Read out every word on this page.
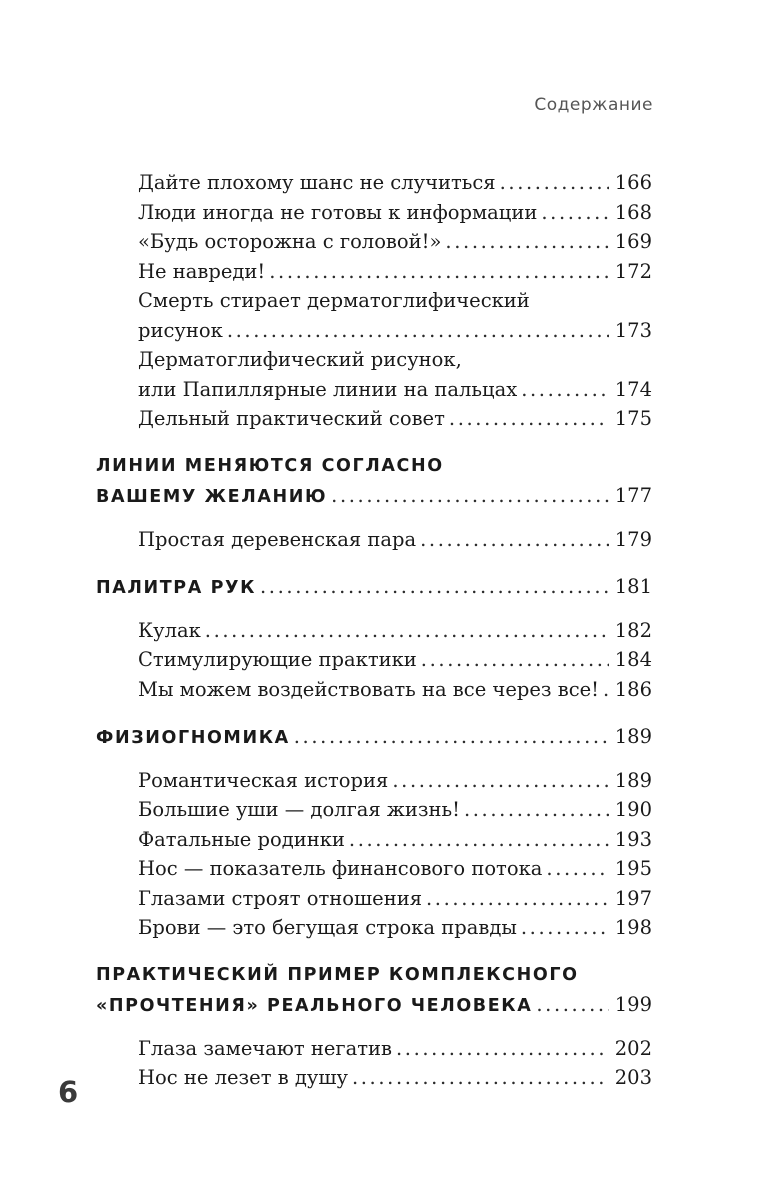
Содержание
Дайте плохому шанс не случиться .....	166
Люди иногда не готовы к информации .....	168
«Будь осторожна с головой!» .....	169
Не навреди! .....	172
Смерть стирает дерматоглифический
рисунок .....	173
Дерматоглифический рисунок,
или Папиллярные линии на пальцах .....	174
Дельный практический совет .....	175
ЛИНИИ МЕНЯЮТСЯ СОГЛАСНО
ВАШЕМУ ЖЕЛАНИЮ .....	177
Простая деревенская пара .....	179
ПАЛИТРА РУК .....	181
Кулак .....	182
Стимулирующие практики .....	184
Мы можем воздействовать на все через все! ..... 186
ФИЗИОГНОМИКА .....	189
Романтическая история .....	189
Большие уши — долгая жизнь! .....	190
Фатальные родинки .....	193
Нос — показатель финансового потока .....	195
Глазами строят отношения .....	197
Брови — это бегущая строка правды .....	198
ПРАКТИЧЕСКИЙ ПРИМЕР КОМПЛЕКСНОГО
«ПРОЧТЕНИЯ» РЕАЛЬНОГО ЧЕЛОВЕКА .....	199
Глаза замечают негатив .....	202
Нос не лезет в душу .....	203
6
